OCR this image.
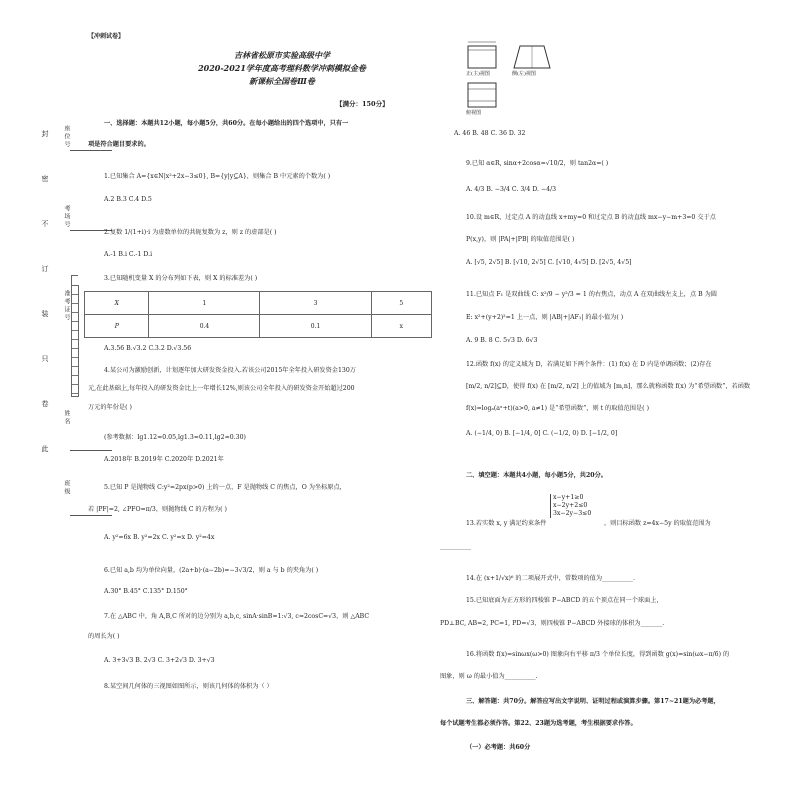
【冲刺试卷】
吉林省松原市实验高级中学
2020-2021学年度高考理科数学冲刺模拟金卷
新课标全国卷Ⅲ卷
【满分：150分】
封
密
不
订
装
只
卷
此
座位号
考场号
准考证号
姓名
班级
一、选择题：本题共12小题，每小题5分，共60分。在每小题给出的四个选项中，只有一
项是符合题目要求的。
1.已知集合 A={x∈N|x²+2x−3≤0}, B={y|y⊆A}，则集合 B 中元素的个数为( )
A.2 B.3 C.4 D.5
2.复数 1/(1+i)·i 为虚数单位的共轭复数为 z，则 z 的虚部是( )
A.-1 B.i C.-1 D.i
3.已知随机变量 X 的分布列如下表，则 X 的标准差为( )
X	1	3	5
P	0.4	0.1	x
A.3.56 B.√3.2 C.3.2 D.√3.56
4.某公司为激励创新，计划逐年加大研发资金投入.若该公司2015年全年投入研发资金130万
元,在此基础上,每年投入的研发资金比上一年增长12%,则该公司全年投入的研发资金开始超过200
万元的年份是( )
(参考数据：lg1.12≈0.05,lg1.3≈0.11,lg2≈0.30)
A.2018年 B.2019年 C.2020年 D.2021年
5.已知 P 是抛物线 C:y²=2px(p>0) 上的一点，F 是抛物线 C 的焦点，O 为坐标原点，
若 |PF|=2, ∠PFO=π/3，则抛物线 C 的方程为( )
A. y²=6x B. y²=2x C. y²=x D. y²=4x
6.已知 a,b 均为单位向量，(2a+b)·(a−2b)=−3√3/2，则 a 与 b 的夹角为( )
A.30° B.45° C.135° D.150°
7.在 △ABC 中，角 A,B,C 所对的边分别为 a,b,c, sinA·sinB=1:√3, c=2cosC=√3，则 △ABC
的周长为( )
A. 3+3√3 B. 2√3 C. 3+2√3 D. 3+√3
8.某空间几何体的三视图如图所示，则该几何体的体积为（ ）
正(主)视图	侧(左)视图
俯视图
A. 46 B. 48 C. 36 D. 32
9.已知 α∈R, sinα+2cosα=√10/2，则 tan2α=( )
A. 4/3 B. −3/4 C. 3/4 D. −4/3
10.设 m∈R，过定点 A 的动直线 x+my=0 和过定点 B 的动直线 mx−y−m+3=0 交于点
P(x,y)，则 |PA|+|PB| 的取值范围是( )
A. [√5, 2√5] B. [√10, 2√5] C. [√10, 4√5] D. [2√5, 4√5]
11.已知点 F₁ 是双曲线 C: x²/9 − y²/3 = 1 的右焦点，动点 A 在双曲线左支上，点 B 为圆
E: x²+(y+2)²=1 上一点，则 |AB|+|AF₁| 的最小值为( )
A. 9 B. 8 C. 5√3 D. 6√3
12.函数 f(x) 的定义域为 D，若满足如下两个条件：(1) f(x) 在 D 内是单调函数；(2)存在
[m/2, n/2]⊆D，使得 f(x) 在 [m/2, n/2] 上的值域为 [m,n]，那么就称函数 f(x) 为“希望函数”，若函数
f(x)=logₐ(aˣ+t)(a>0, a≠1) 是“希望函数”，则 t 的取值范围是( )
A. (−1/4, 0) B. [−1/4, 0] C. (−1/2, 0) D. [−1/2, 0]
二、填空题：本题共4小题，每小题5分，共20分。
13.若实数 x, y 满足约束条件
x−y+1≥0
x−2y+2≤0
3x−2y−3≤0
，则目标函数 z=4x−5y 的取值范围为
__________
14.在 (x+1/√x)⁶ 的二项展开式中，常数项的值为__________.
15.已知底面为正方形的四棱锥 P−ABCD 的五个顶点在同一个球面上，
PD⊥BC, AB=2, PC=1, PD=√3，则四棱锥 P−ABCD 外接球的体积为_______.
16.将函数 f(x)=sinωx(ω>0) 图象向右平移 π/3 个单位长度，得到函数 g(x)=sin(ωx−π/6) 的
图象，则 ω 的最小值为__________.
三、解答题：共70分。解答应写出文字说明、证明过程或演算步骤。第17~21题为必考题，
每个试题考生都必须作答。第22、23题为选考题，考生根据要求作答。
（一）必考题：共60分
